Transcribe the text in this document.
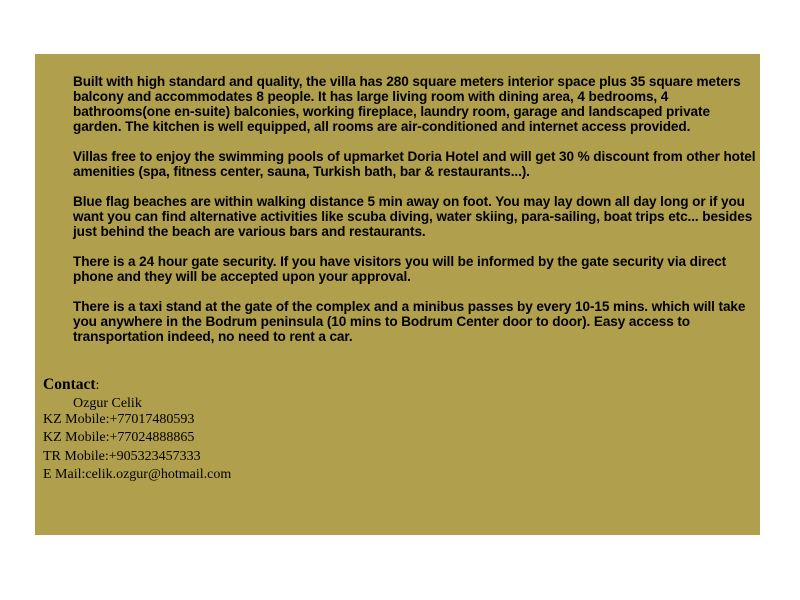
Built with high standard and quality, the villa has 280 square meters interior space plus 35 square meters balcony and accommodates 8 people. It has large living room with dining area, 4 bedrooms, 4 bathrooms(one en-suite) balconies, working fireplace, laundry room, garage and landscaped private garden. The kitchen is well equipped, all rooms are air-conditioned and internet access provided.

Villas free to enjoy the swimming pools of upmarket Doria Hotel and will get 30 % discount from other hotel amenities (spa, fitness center, sauna, Turkish bath, bar & restaurants...).

Blue flag beaches are within walking distance 5 min away on foot. You may lay down all day long or if you want you can find alternative activities like scuba diving, water skiing, para-sailing, boat trips etc... besides just behind the beach are various bars and restaurants.

There is a 24 hour gate security. If you have visitors you will be informed by the gate security via direct phone and they will be accepted upon your approval.

There is a taxi stand at the gate of the complex and a minibus passes by every 10-15 mins. which will take you anywhere in the Bodrum peninsula (10 mins to Bodrum Center door to door). Easy access to transportation indeed, no need to rent a car.

Contact:
Ozgur Celik
KZ Mobile:+77017480593
KZ Mobile:+77024888865
TR Mobile:+905323457333
E Mail:celik.ozgur@hotmail.com
